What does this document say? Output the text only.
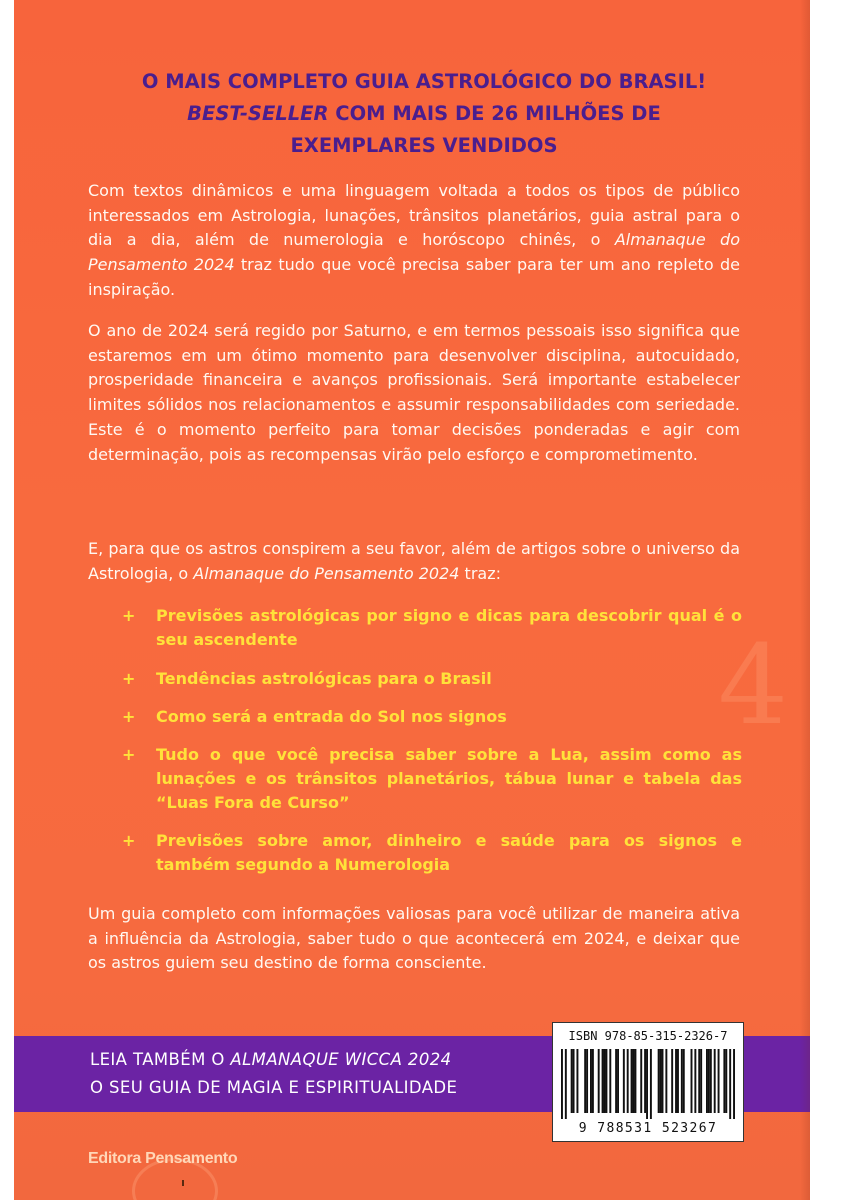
4
O MAIS COMPLETO GUIA ASTROLÓGICO DO BRASIL!
BEST-SELLER COM MAIS DE 26 MILHÕES DE
EXEMPLARES VENDIDOS

Com textos dinâmicos e uma linguagem voltada a todos os tipos de público interessados em Astrologia, lunações, trânsitos planetários, guia astral para o dia a dia, além de numerologia e horóscopo chinês, o Almanaque do Pensamento 2024 traz tudo que você precisa saber para ter um ano repleto de inspiração.

O ano de 2024 será regido por Saturno, e em termos pessoais isso significa que estaremos em um ótimo momento para desenvolver disciplina, autocuidado, prosperidade financeira e avanços profissionais. Será importante estabelecer limites sólidos nos relacionamentos e assumir responsabilidades com seriedade. Este é o momento perfeito para tomar decisões ponderadas e agir com determinação, pois as recompensas virão pelo esforço e comprometimento.

E, para que os astros conspirem a seu favor, além de artigos sobre o universo da Astrologia, o Almanaque do Pensamento 2024 traz:

+ Previsões astrológicas por signo e dicas para descobrir qual é o seu ascendente
+ Tendências astrológicas para o Brasil
+ Como será a entrada do Sol nos signos
+ Tudo o que você precisa saber sobre a Lua, assim como as lunações e os trânsitos planetários, tábua lunar e tabela das “Luas Fora de Curso”
+ Previsões sobre amor, dinheiro e saúde para os signos e também segundo a Numerologia

Um guia completo com informações valiosas para você utilizar de maneira ativa a influência da Astrologia, saber tudo o que acontecerá em 2024, e deixar que os astros guiem seu destino de forma consciente.

LEIA TAMBÉM O ALMANAQUE WICCA 2024
O SEU GUIA DE MAGIA E ESPIRITUALIDADE
ISBN 978-85-315-2326-7
9 788531 523267
Editora Pensamento
